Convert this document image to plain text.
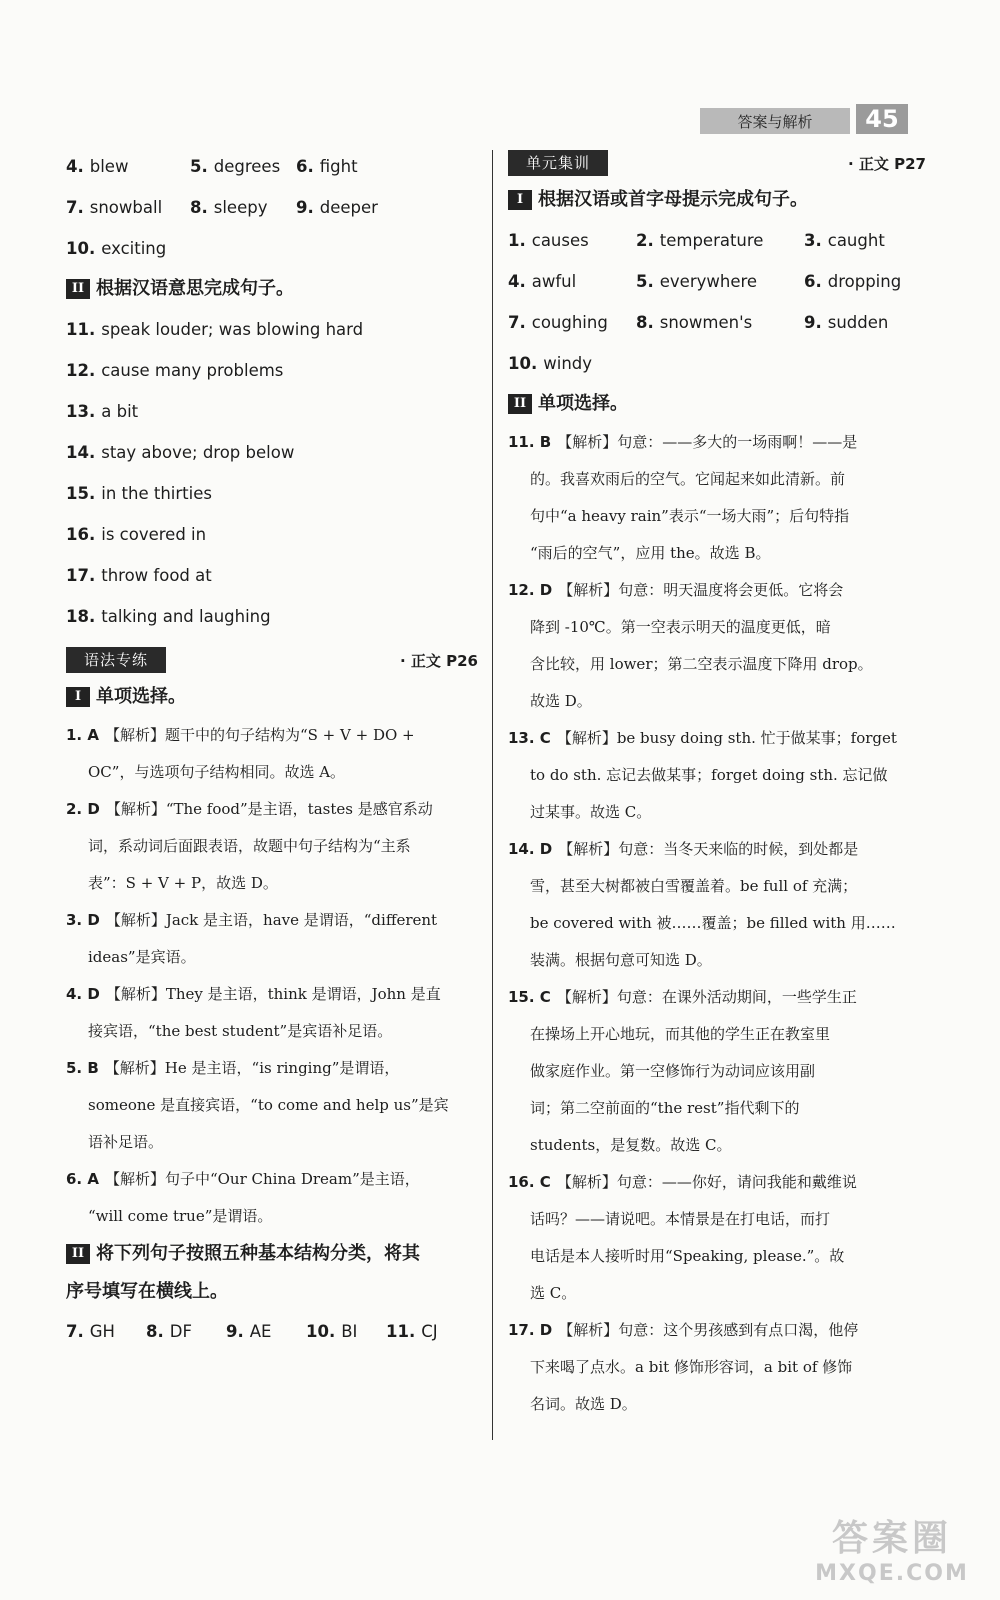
答案与解析	45
4. blew	5. degrees 6. fight
7. snowball	8. sleepy	9. deeper
10. exciting
II 根据汉语意思完成句子。
11. speak louder; was blowing hard
12. cause many problems
13. a bit
14. stay above; drop below
15. in the thirties
16. is covered in
17. throw food at
18. talking and laughing
语法专练	· 正文 P26
I 单项选择。
1. A 【解析】题干中的句子结构为“S + V + DO +
OC”，与选项句子结构相同。故选 A。
2. D 【解析】“The food”是主语，tastes 是感官系动
词，系动词后面跟表语，故题中句子结构为“主系
表”：S + V + P，故选 D。
3. D 【解析】Jack 是主语，have 是谓语，“different
ideas”是宾语。
4. D 【解析】They 是主语，think 是谓语，John 是直
接宾语，“the best student”是宾语补足语。
5. B 【解析】He 是主语，“is ringing”是谓语，
someone 是直接宾语，“to come and help us”是宾
语补足语。
6. A 【解析】句子中“Our China Dream”是主语，
“will come true”是谓语。
II 将下列句子按照五种基本结构分类，将其
序号填写在横线上。
7. GH	8. DF	9. AE	10. BI	11. CJ
单元集训	· 正文 P27
I 根据汉语或首字母提示完成句子。
1. causes	2. temperature	3. caught
4. awful	5. everywhere	6. dropping
7. coughing	8. snowmen's	9. sudden
10. windy
II 单项选择。
11. B 【解析】句意：——多大的一场雨啊！——是
的。我喜欢雨后的空气。它闻起来如此清新。前
句中“a heavy rain”表示“一场大雨”；后句特指
“雨后的空气”，应用 the。故选 B。
12. D 【解析】句意：明天温度将会更低。它将会
降到 -10℃。第一空表示明天的温度更低，暗
含比较，用 lower；第二空表示温度下降用 drop。
故选 D。
13. C 【解析】be busy doing sth. 忙于做某事；forget
to do sth. 忘记去做某事；forget doing sth. 忘记做
过某事。故选 C。
14. D 【解析】句意：当冬天来临的时候，到处都是
雪，甚至大树都被白雪覆盖着。be full of 充满；
be covered with 被……覆盖；be filled with 用……
装满。根据句意可知选 D。
15. C 【解析】句意：在课外活动期间，一些学生正
在操场上开心地玩，而其他的学生正在教室里
做家庭作业。第一空修饰行为动词应该用副
词；第二空前面的“the rest”指代剩下的
students，是复数。故选 C。
16. C 【解析】句意：——你好，请问我能和戴维说
话吗？——请说吧。本情景是在打电话，而打
电话是本人接听时用“Speaking, please.”。故
选 C。
17. D 【解析】句意：这个男孩感到有点口渴，他停
下来喝了点水。a bit 修饰形容词，a bit of 修饰
名词。故选 D。
答案圈
MXQE.COM
